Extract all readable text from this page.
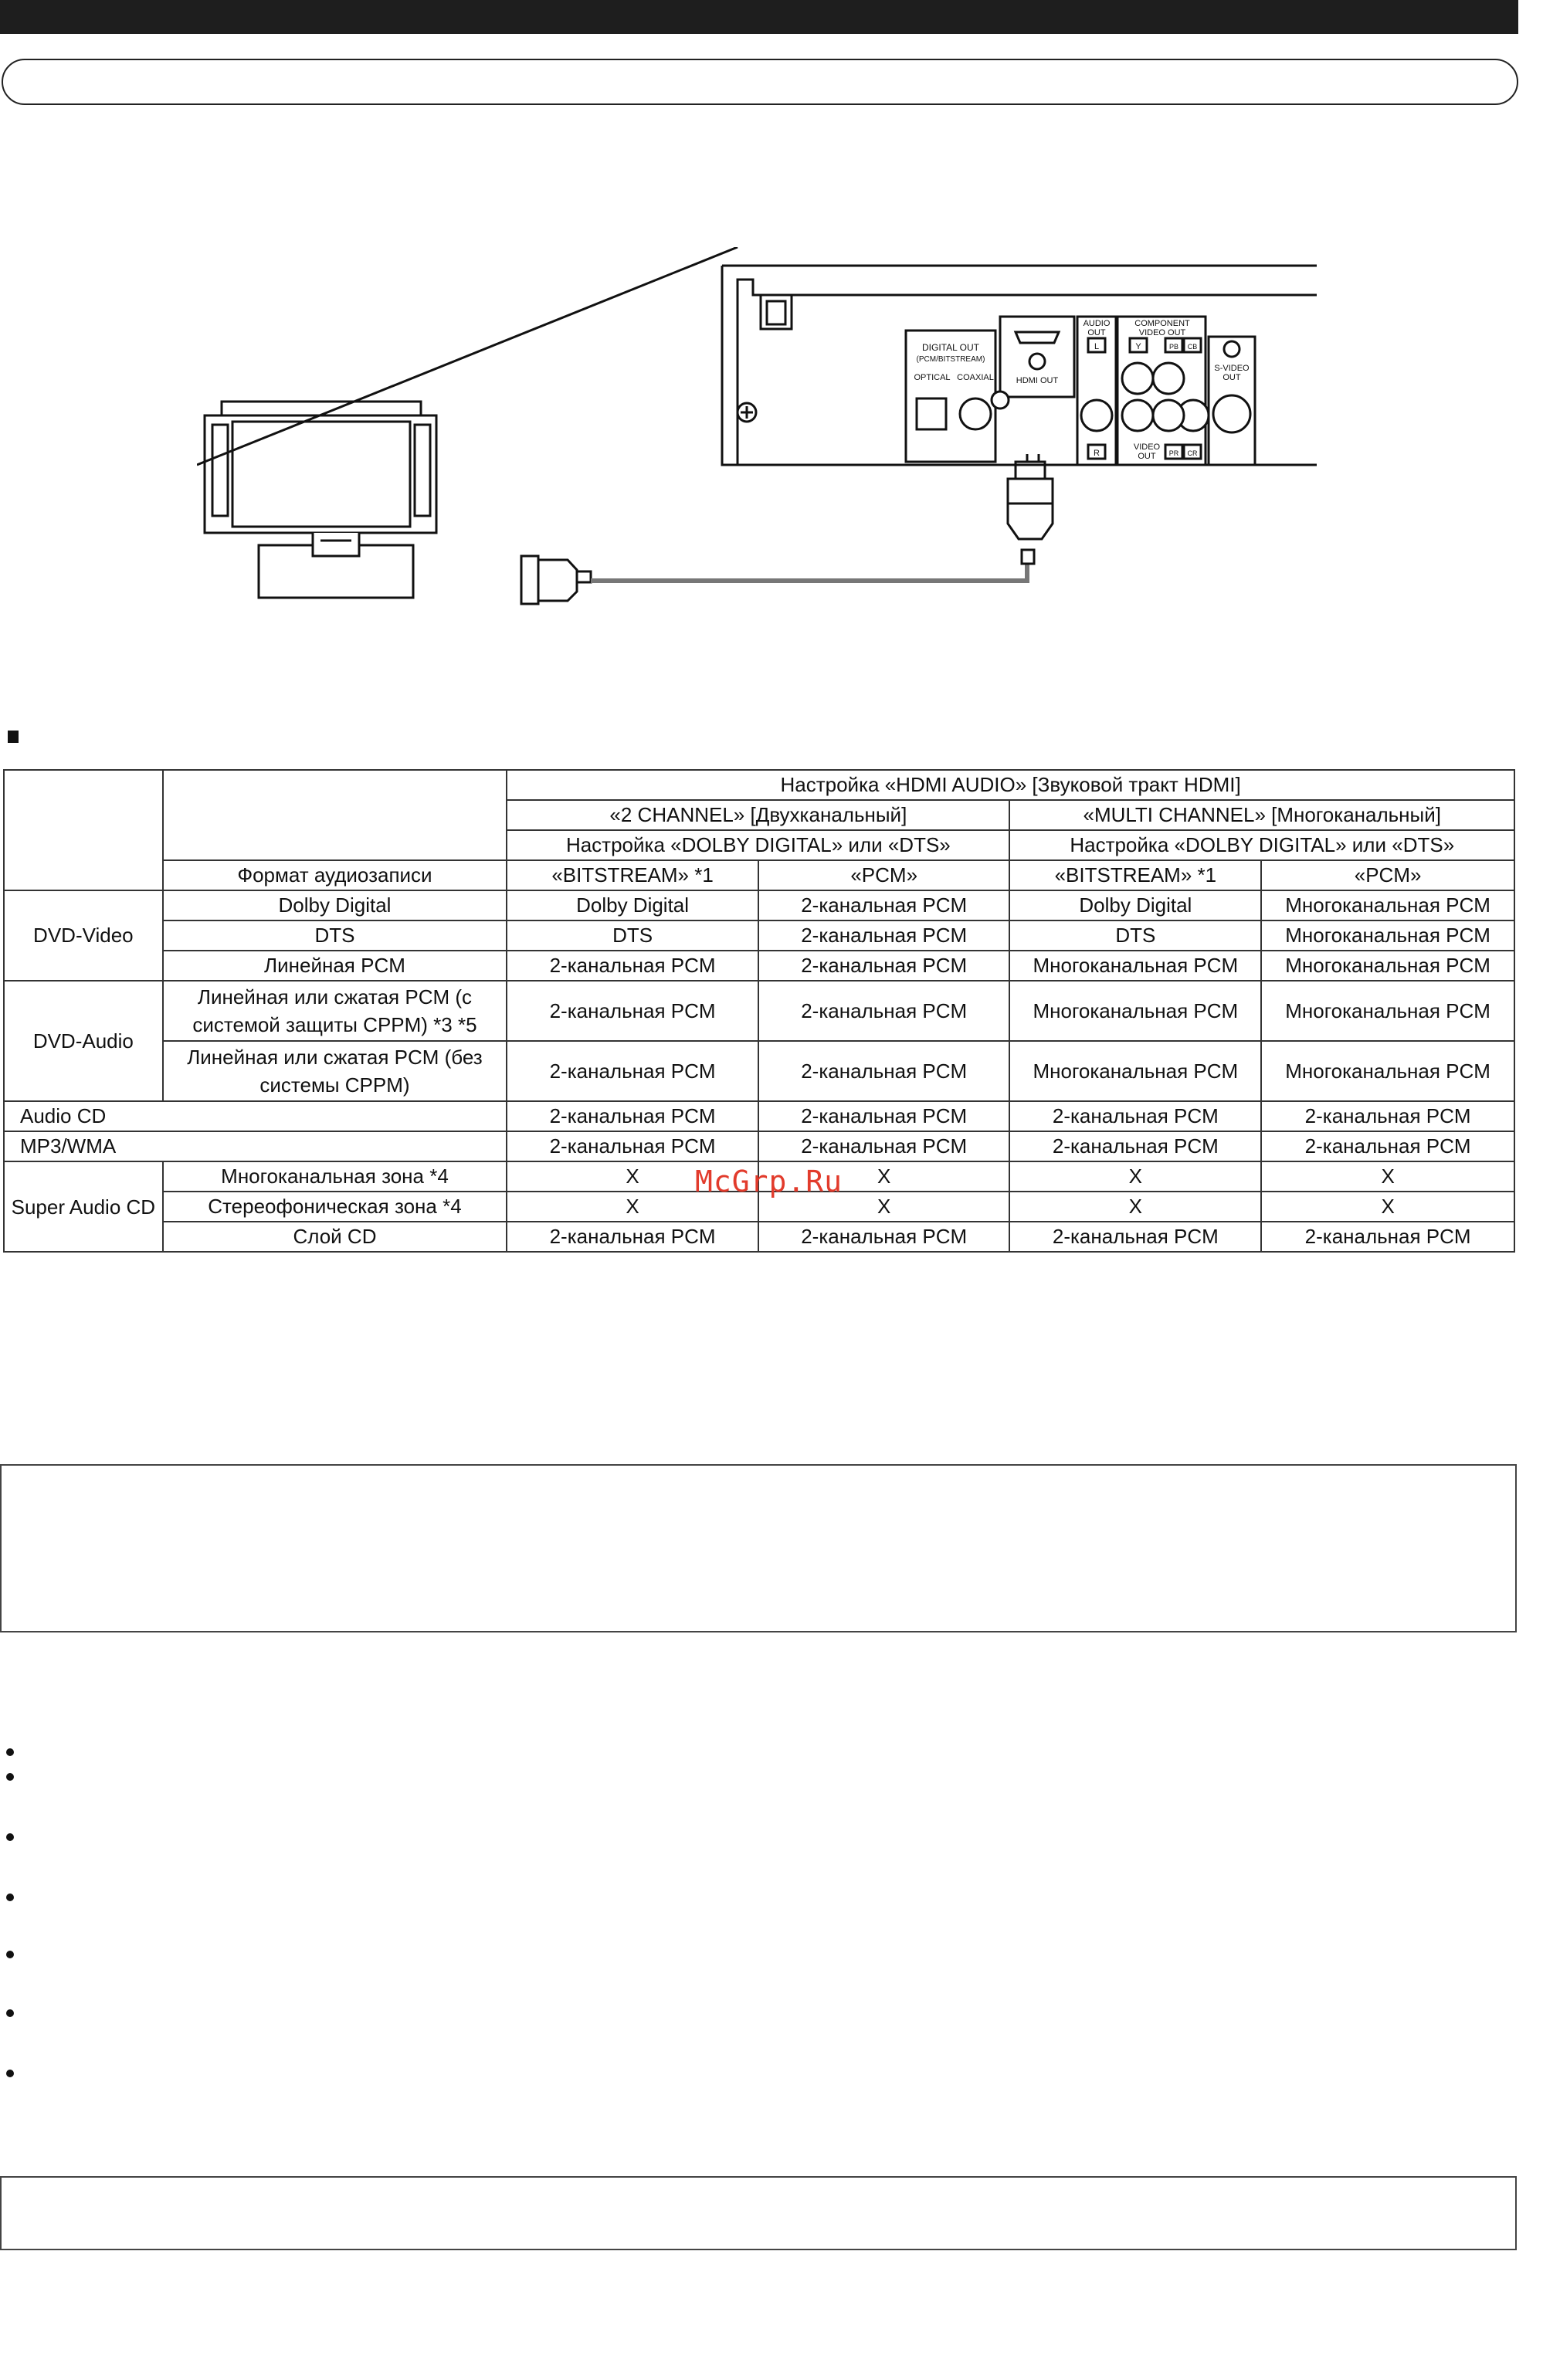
DIGITAL OUT
(PCM/BITSTREAM)
OPTICAL COAXIAL	HDMI OUT
AUDIO
OUT
L
R
COMPONENT
VIDEO OUT
Y	PB CB
PR CR
VIDEO
OUT
S-VIDEO
OUT
		Настройка «HDMI AUDIO» [Звуковой тракт HDMI]			
		«2 CHANNEL» [Двухканальный]		«MULTI CHANNEL» [Многоканальный]	
		Настройка «DOLBY DIGITAL» или «DTS»		Настройка «DOLBY DIGITAL» или «DTS»	
	Формат аудиозаписи	«BITSTREAM» *1	«PCM»	«BITSTREAM» *1	«PCM»
DVD-Video	Dolby Digital	Dolby Digital	2-канальная PCM	Dolby Digital	Многоканальная PCM
	DTS	DTS	2-канальная PCM	DTS	Многоканальная PCM
	Линейная PCM	2-канальная PCM	2-канальная PCM	Многоканальная PCM	Многоканальная PCM
DVD-Audio	Линейная или сжатая PCM (с системой защиты CPPM) *3 *5	2-канальная PCM	2-канальная PCM	Многоканальная PCM	Многоканальная PCM
	Линейная или сжатая PCM (без системы CPPM)	2-канальная PCM	2-канальная PCM	Многоканальная PCM	Многоканальная PCM
Audio CD		2-канальная PCM	2-канальная PCM	2-канальная PCM	2-канальная PCM
MP3/WMA		2-канальная PCM	2-канальная PCM	2-канальная PCM	2-канальная PCM
Super Audio CD	Многоканальная зона *4	X	X	X	X
	Стереофоническая зона *4	X	X	X	X
	Слой CD	2-канальная PCM	2-канальная PCM	2-канальная PCM	2-канальная PCM
McGrp.Ru
